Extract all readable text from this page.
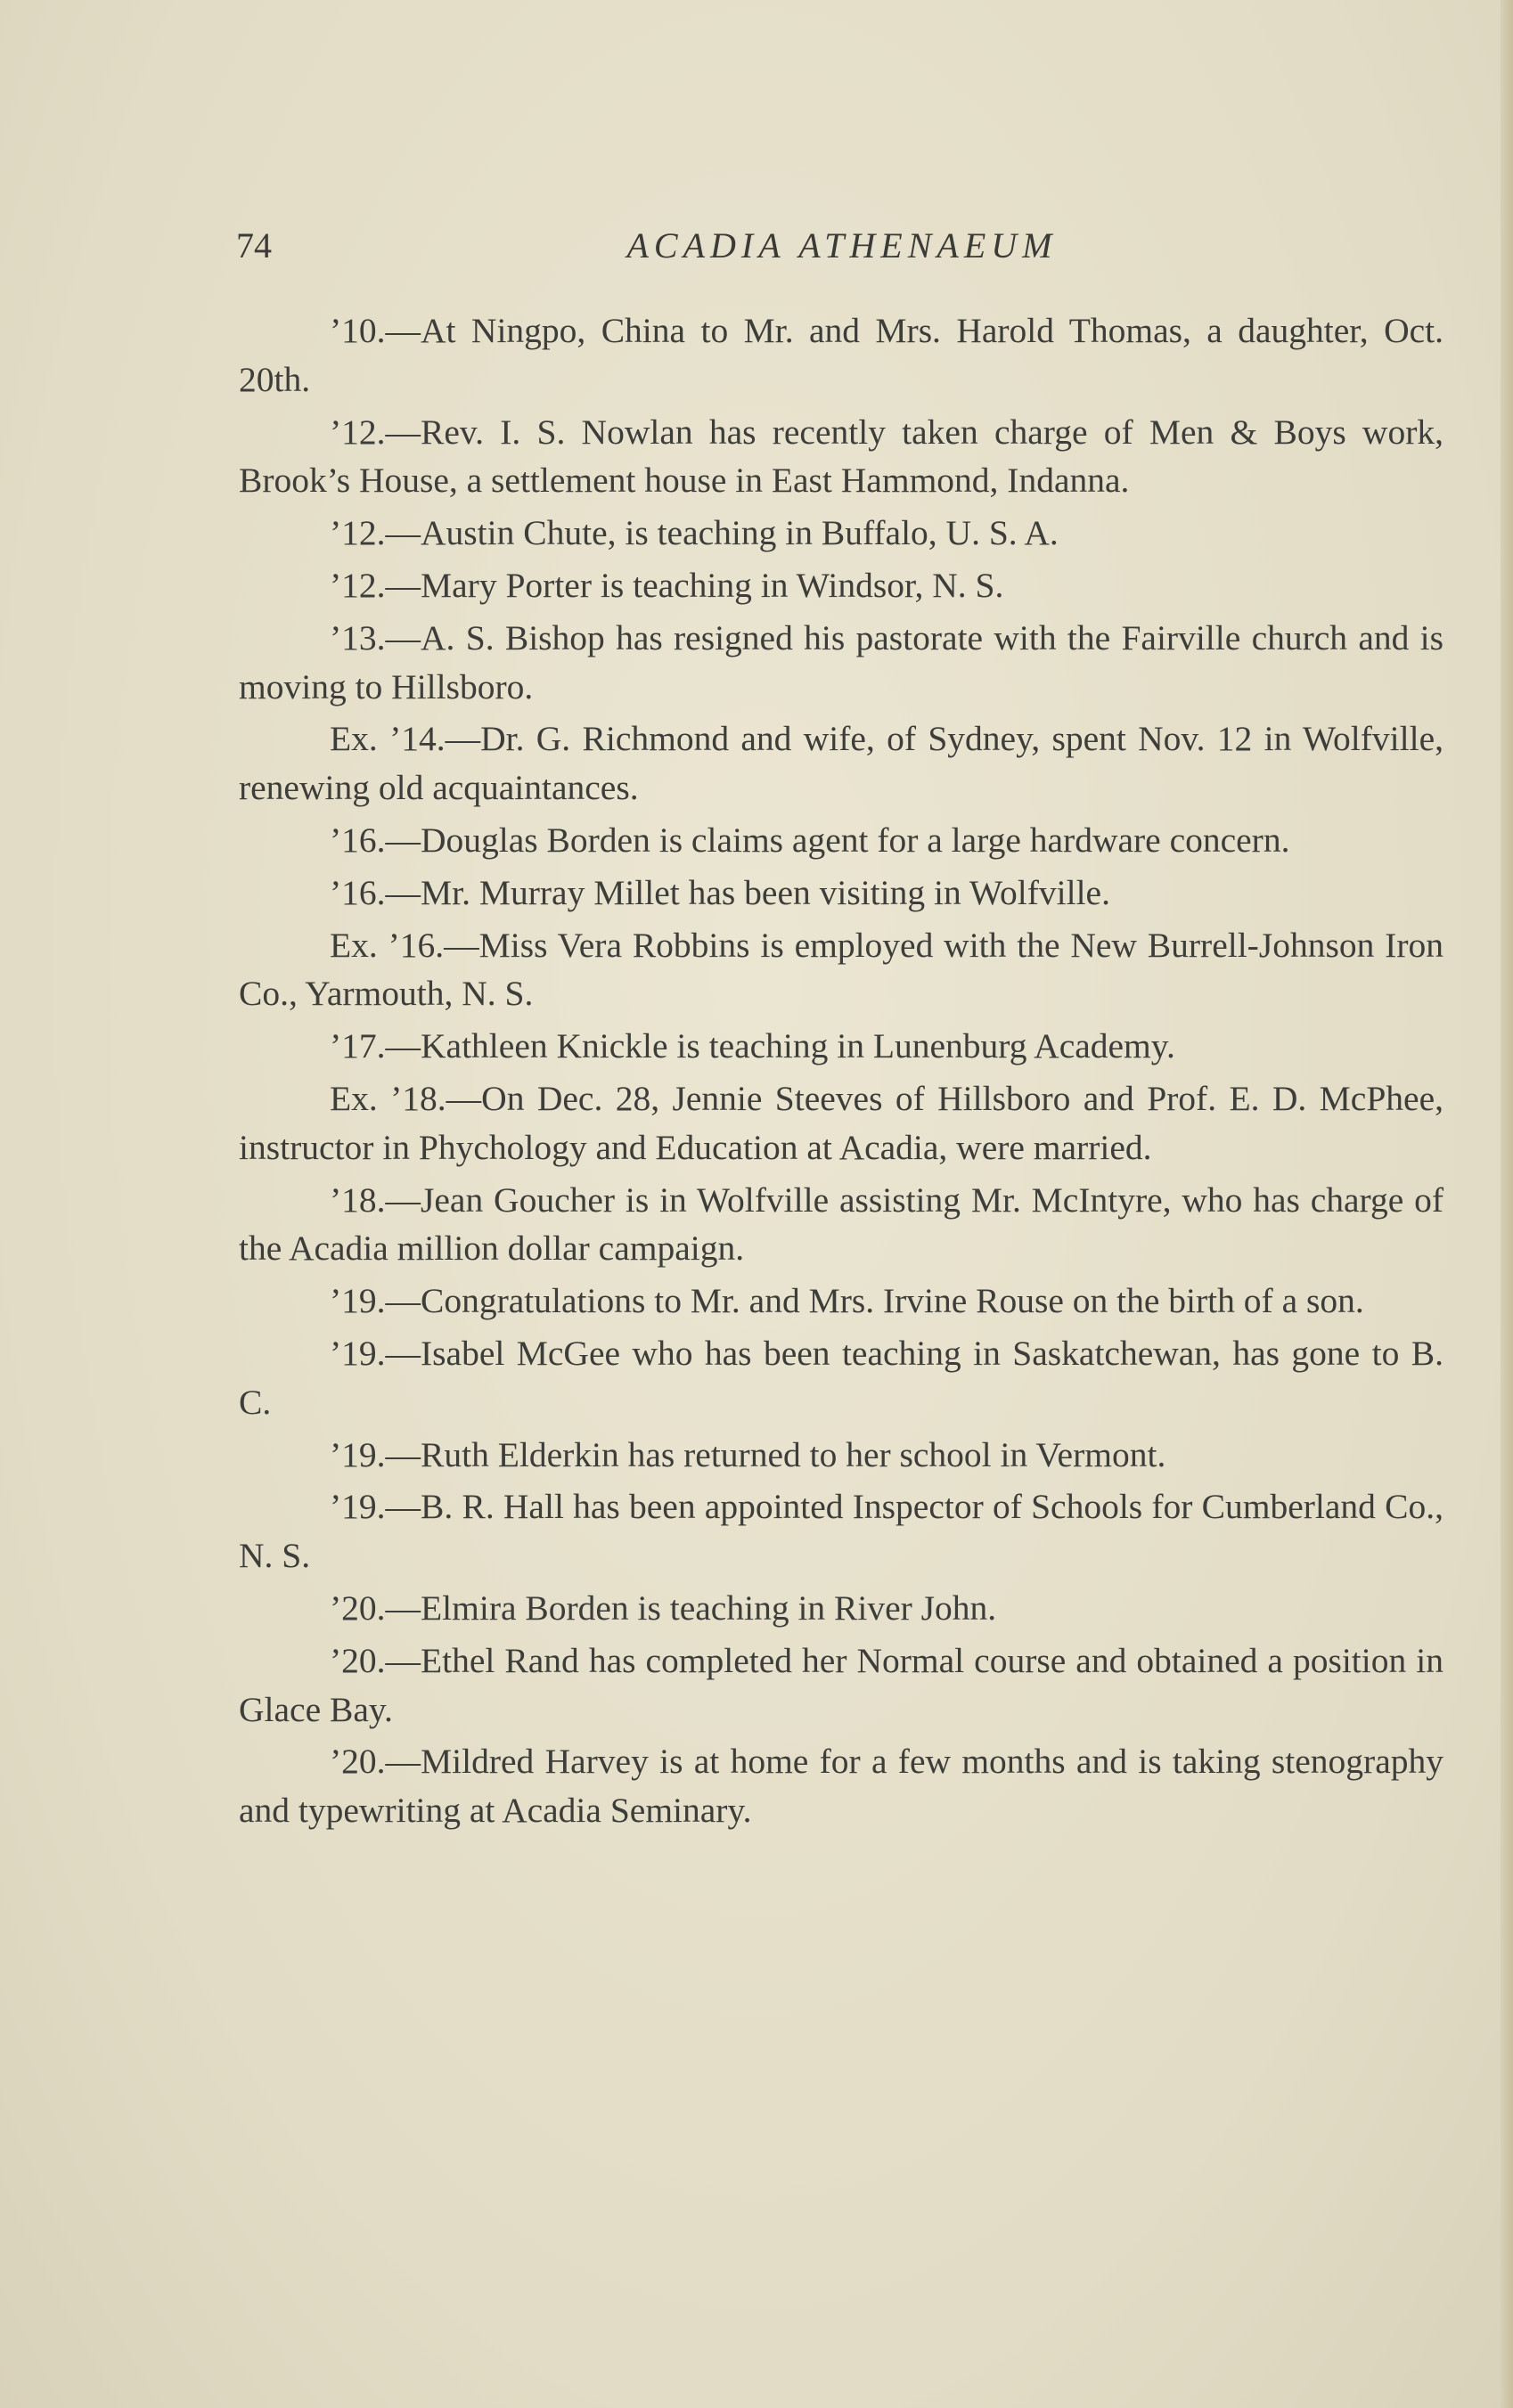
74	ACADIA ATHENAEUM

’10.—At Ningpo, China to Mr. and Mrs. Harold Thomas, a daughter, Oct. 20th.

’12.—Rev. I. S. Nowlan has recently taken charge of Men & Boys work, Brook’s House, a settlement house in East Hammond, Indanna.

’12.—Austin Chute, is teaching in Buffalo, U. S. A.

’12.—Mary Porter is teaching in Windsor, N. S.

’13.—A. S. Bishop has resigned his pastorate with the Fairville church and is moving to Hillsboro.

Ex. ’14.—Dr. G. Richmond and wife, of Sydney, spent Nov. 12 in Wolfville, renewing old acquaintances.

’16.—Douglas Borden is claims agent for a large hardware concern.

’16.—Mr. Murray Millet has been visiting in Wolfville.

Ex. ’16.—Miss Vera Robbins is employed with the New Burrell-Johnson Iron Co., Yarmouth, N. S.

’17.—Kathleen Knickle is teaching in Lunenburg Academy.

Ex. ’18.—On Dec. 28, Jennie Steeves of Hillsboro and Prof. E. D. McPhee, instructor in Phychology and Education at Acadia, were married.

’18.—Jean Goucher is in Wolfville assisting Mr. McIntyre, who has charge of the Acadia million dollar campaign.

’19.—Congratulations to Mr. and Mrs. Irvine Rouse on the birth of a son.

’19.—Isabel McGee who has been teaching in Saskatchewan, has gone to B. C.

’19.—Ruth Elderkin has returned to her school in Vermont.

’19.—B. R. Hall has been appointed Inspector of Schools for Cumberland Co., N. S.

’20.—Elmira Borden is teaching in River John.

’20.—Ethel Rand has completed her Normal course and obtained a position in Glace Bay.

’20.—Mildred Harvey is at home for a few months and is taking stenography and typewriting at Acadia Seminary.
